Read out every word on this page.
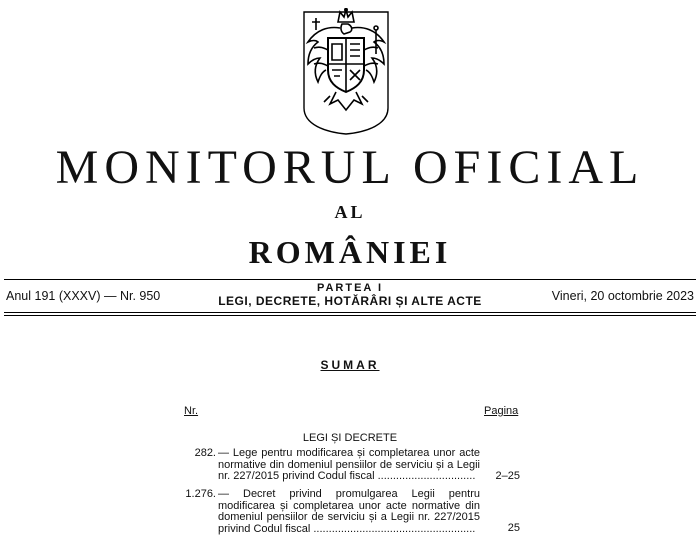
MONITORUL OFICIAL
AL
ROMÂNIEI
Anul 191 (XXXV) — Nr. 950
PARTEA I
LEGI, DECRETE, HOTĂRÂRI ȘI ALTE ACTE	Vineri, 20 octombrie 2023
SUMAR
Nr.	Pagina
LEGI ȘI DECRETE
282. — Lege pentru modificarea și completarea unor acte normative din domeniul pensiilor de serviciu și a Legii nr. 227/2015 privind Codul fiscal ................................	2–25
1.276. — Decret privind promulgarea Legii pentru modificarea și completarea unor acte normative din domeniul pensiilor de serviciu și a Legii nr. 227/2015 privind Codul fiscal .....................................................	25
